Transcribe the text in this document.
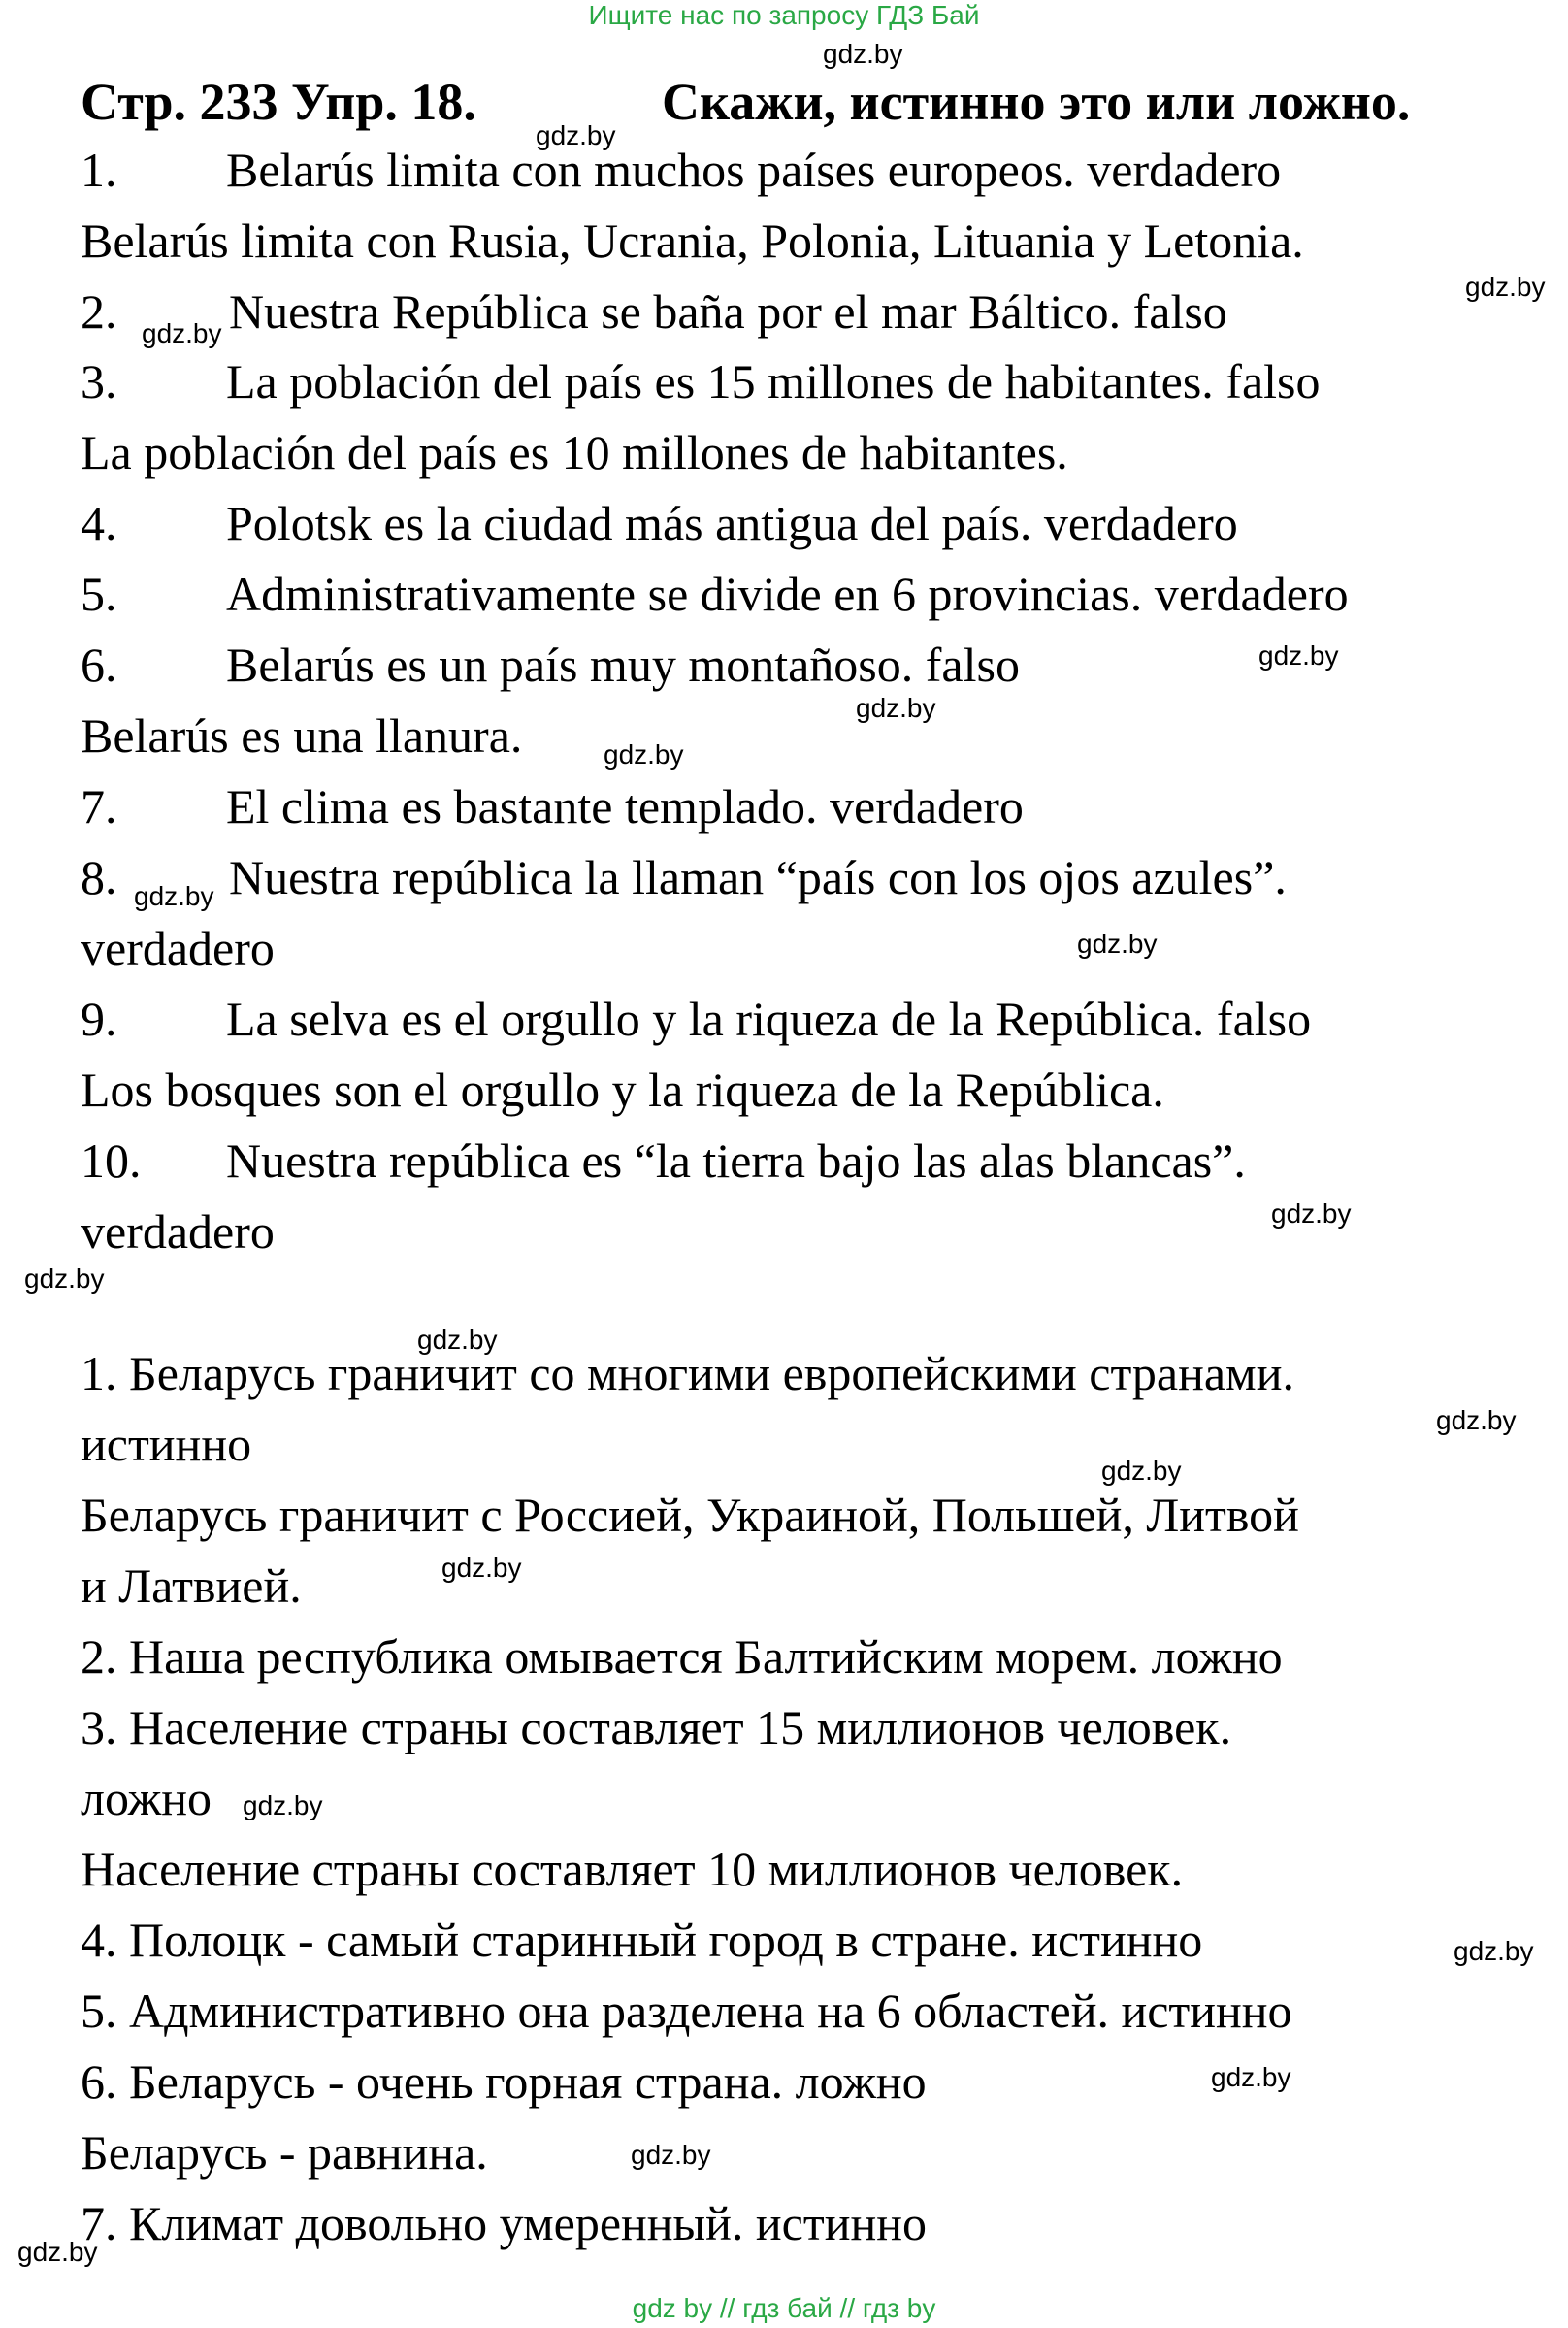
Ищите нас по запросу ГДЗ Бай
Стр. 233 Упр. 18.	Скажи, истинно это или ложно.
1. Belarús limita con muchos países europeos. verdadero
Belarús limita con Rusia, Ucrania, Polonia, Lituania y Letonia.
2. Nuestra República se baña por el mar Báltico. falso
3. La población del país es 15 millones de habitantes. falso
La población del país es 10 millones de habitantes.
4. Polotsk es la ciudad más antigua del país. verdadero
5. Administrativamente se divide en 6 provincias. verdadero
6. Belarús es un país muy montañoso. falso
Belarús es una llanura.
7. El clima es bastante templado. verdadero
8. Nuestra república la llaman “país con los ojos azules”.
verdadero
9. La selva es el orgullo y la riqueza de la República. falso
Los bosques son el orgullo y la riqueza de la República.
10. Nuestra república es “la tierra bajo las alas blancas”.
verdadero
1. Беларусь граничит со многими европейскими странами.
истинно
Беларусь граничит с Россией, Украиной, Польшей, Литвой
и Латвией.
2. Наша республика омывается Балтийским морем. ложно
3. Население страны составляет 15 миллионов человек.
ложно
Население страны составляет 10 миллионов человек.
4. Полоцк - самый старинный город в стране. истинно
5. Административно она разделена на 6 областей. истинно
6. Беларусь - очень горная страна. ложно
Беларусь - равнина.
7. Климат довольно умеренный. истинно
gdz.by
gdz.by
gdz.by
gdz.by
gdz.by
gdz.by
gdz.by
gdz.by
gdz.by
gdz.by
gdz.by
gdz.by
gdz.by
gdz.by
gdz.by
gdz.by
gdz.by
gdz.by
gdz.by
gdz.by
gdz by // гдз бай // гдз by
